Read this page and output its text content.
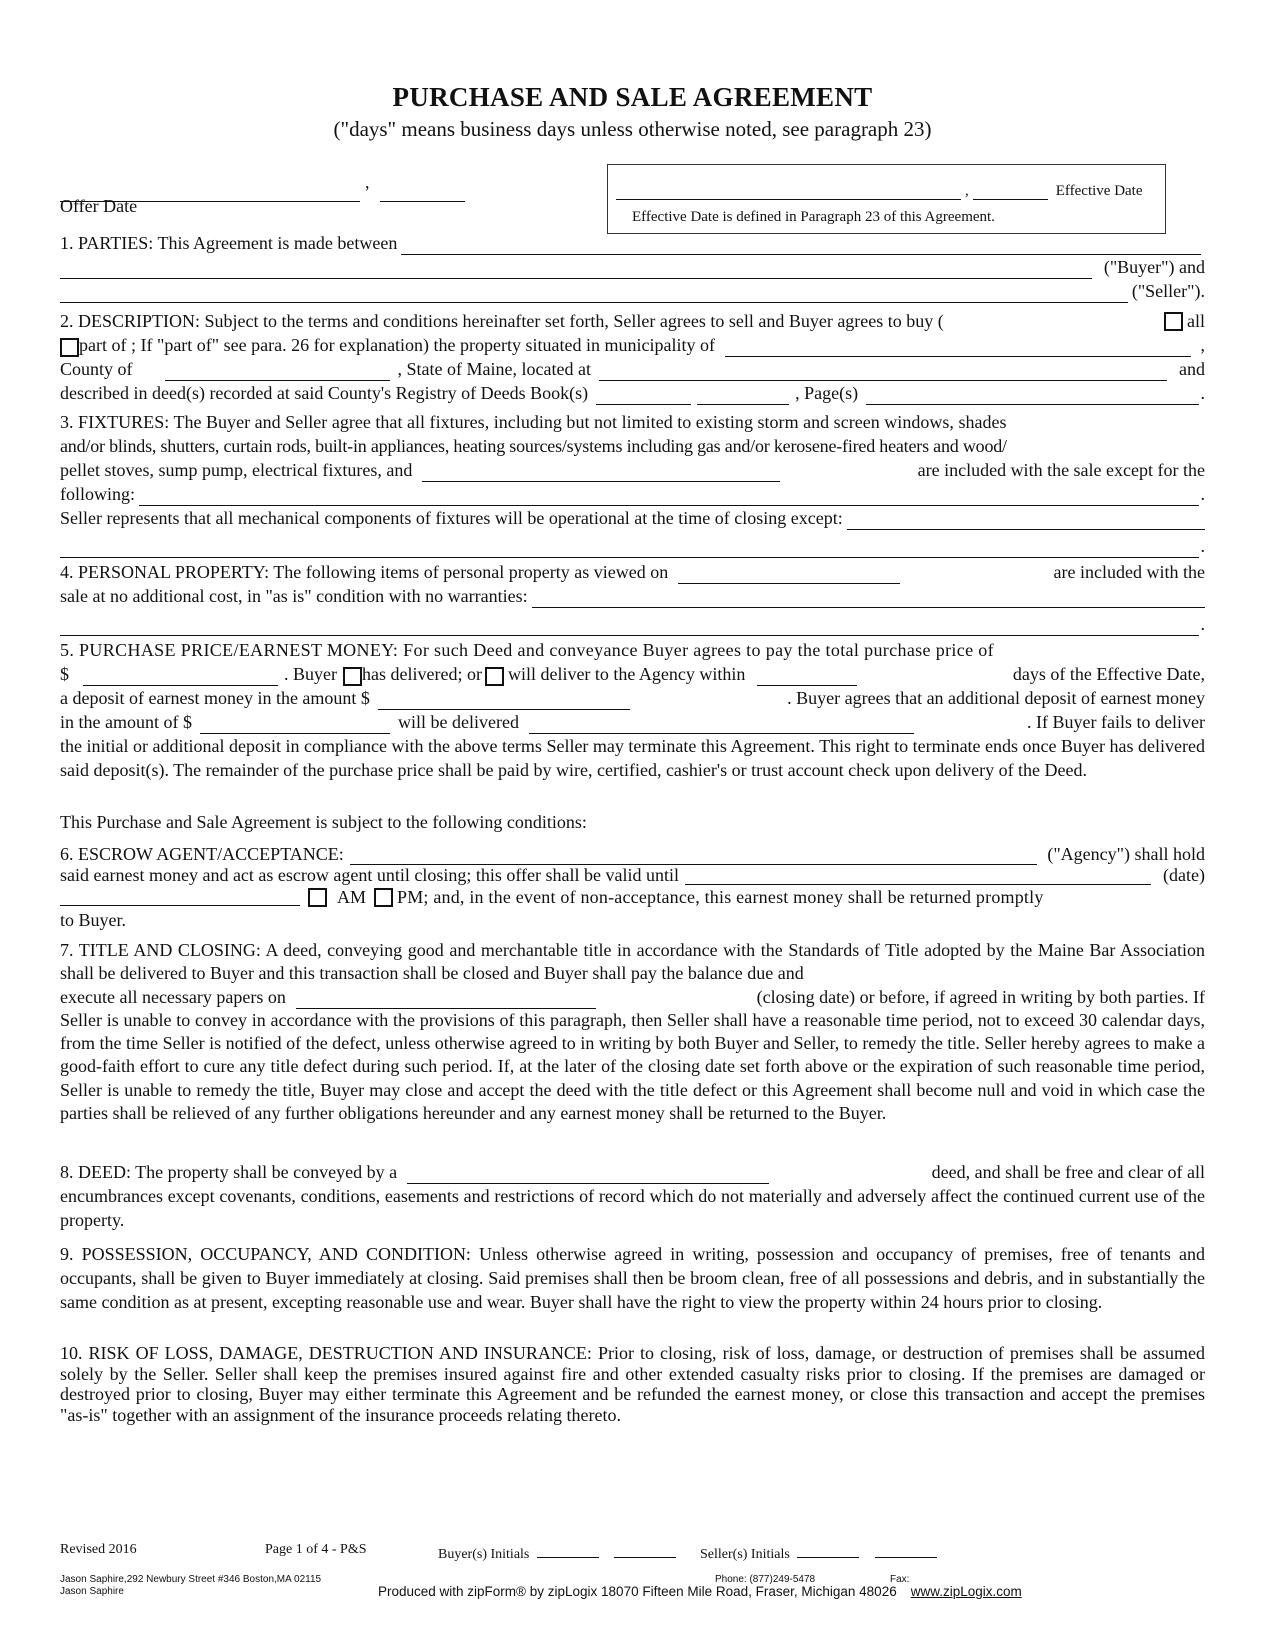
PURCHASE AND SALE AGREEMENT
("days" means business days unless otherwise noted, see paragraph 23)
,
Offer Date
,	Effective Date
Effective Date is defined in Paragraph 23 of this Agreement.
1. PARTIES: This Agreement is made between
("Buyer") and
("Seller").
2. DESCRIPTION: Subject to the terms and conditions hereinafter set forth, Seller agrees to sell and Buyer agrees to buy (	all
part of ; If "part of" see para. 26 for explanation) the property situated in municipality of	,
County of	, State of Maine, located at	and
described in deed(s) recorded at said County's Registry of Deeds Book(s)	, Page(s)	.
3. FIXTURES: The Buyer and Seller agree that all fixtures, including but not limited to existing storm and screen windows, shades
and/or blinds, shutters, curtain rods, built-in appliances, heating sources/systems including gas and/or kerosene-fired heaters and wood/
pellet stoves, sump pump, electrical fixtures, and	are included with the sale except for the
following:	.
Seller represents that all mechanical components of fixtures will be operational at the time of closing except:
.
4. PERSONAL PROPERTY: The following items of personal property as viewed on	are included with the
sale at no additional cost, in "as is" condition with no warranties:
.
5. PURCHASE PRICE/EARNEST MONEY: For such Deed and conveyance Buyer agrees to pay the total purchase price of
$	. Buyer has delivered; or will deliver to the Agency within	days of the Effective Date,
a deposit of earnest money in the amount $	. Buyer agrees that an additional deposit of earnest money
in the amount of $	will be delivered	. If Buyer fails to deliver
the initial or additional deposit in compliance with the above terms Seller may terminate this Agreement. This right to terminate ends once Buyer has delivered said deposit(s). The remainder of the purchase price shall be paid by wire, certified, cashier's or trust account check upon delivery of the Deed.
This Purchase and Sale Agreement is subject to the following conditions:
6. ESCROW AGENT/ACCEPTANCE:	("Agency") shall hold
said earnest money and act as escrow agent until closing; this offer shall be valid until	(date)
AM PM; and, in the event of non-acceptance, this earnest money shall be returned promptly
to Buyer.
7. TITLE AND CLOSING: A deed, conveying good and merchantable title in accordance with the Standards of Title adopted by the Maine Bar Association shall be delivered to Buyer and this transaction shall be closed and Buyer shall pay the balance due and
execute all necessary papers on	(closing date) or before, if agreed in writing by both parties. If
Seller is unable to convey in accordance with the provisions of this paragraph, then Seller shall have a reasonable time period, not to exceed 30 calendar days, from the time Seller is notified of the defect, unless otherwise agreed to in writing by both Buyer and Seller, to remedy the title. Seller hereby agrees to make a good-faith effort to cure any title defect during such period. If, at the later of the closing date set forth above or the expiration of such reasonable time period, Seller is unable to remedy the title, Buyer may close and accept the deed with the title defect or this Agreement shall become null and void in which case the parties shall be relieved of any further obligations hereunder and any earnest money shall be returned to the Buyer.
8. DEED: The property shall be conveyed by a	deed, and shall be free and clear of all
encumbrances except covenants, conditions, easements and restrictions of record which do not materially and adversely affect the continued current use of the property.
9. POSSESSION, OCCUPANCY, AND CONDITION: Unless otherwise agreed in writing, possession and occupancy of premises, free of tenants and occupants, shall be given to Buyer immediately at closing. Said premises shall then be broom clean, free of all possessions and debris, and in substantially the same condition as at present, excepting reasonable use and wear. Buyer shall have the right to view the property within 24 hours prior to closing.
10. RISK OF LOSS, DAMAGE, DESTRUCTION AND INSURANCE: Prior to closing, risk of loss, damage, or destruction of premises shall be assumed solely by the Seller. Seller shall keep the premises insured against fire and other extended casualty risks prior to closing. If the premises are damaged or destroyed prior to closing, Buyer may either terminate this Agreement and be refunded the earnest money, or close this transaction and accept the premises "as-is" together with an assignment of the insurance proceeds relating thereto.
Revised 2016	Page 1 of 4 - P&S	Buyer(s) Initials	Seller(s) Initials
Jason Saphire,292 Newbury Street #346 Boston,MA 02115
Jason Saphire
Phone: (877)249-5478	Fax:
Produced with zipForm® by zipLogix 18070 Fifteen Mile Road, Fraser, Michigan 48026 www.zipLogix.com
